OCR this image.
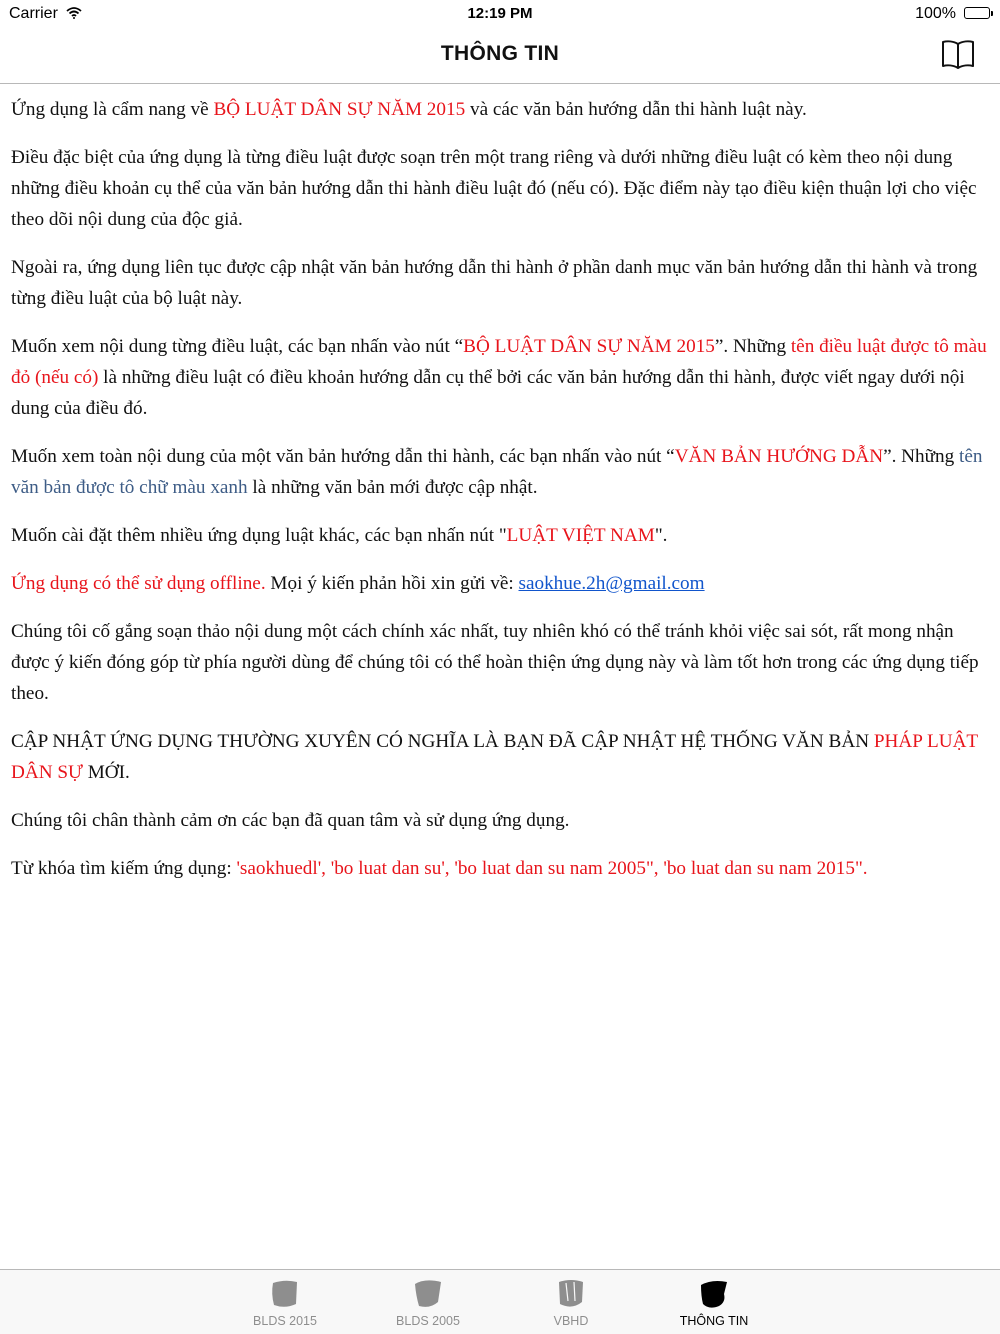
Carrier	12:19 PM	100%
THÔNG TIN

Ứng dụng là cẩm nang về BỘ LUẬT DÂN SỰ NĂM 2015 và các văn bản hướng dẫn thi hành luật này.

Điều đặc biệt của ứng dụng là từng điều luật được soạn trên một trang riêng và dưới những điều luật có kèm theo nội dung những điều khoản cụ thể của văn bản hướng dẫn thi hành điều luật đó (nếu có). Đặc điểm này tạo điều kiện thuận lợi cho việc theo dõi nội dung của độc giả.

Ngoài ra, ứng dụng liên tục được cập nhật văn bản hướng dẫn thi hành ở phần danh mục văn bản hướng dẫn thi hành và trong từng điều luật của bộ luật này.

Muốn xem nội dung từng điều luật, các bạn nhấn vào nút “BỘ LUẬT DÂN SỰ NĂM 2015”. Những tên điều luật được tô màu đỏ (nếu có) là những điều luật có điều khoản hướng dẫn cụ thể bởi các văn bản hướng dẫn thi hành, được viết ngay dưới nội dung của điều đó.

Muốn xem toàn nội dung của một văn bản hướng dẫn thi hành, các bạn nhấn vào nút “VĂN BẢN HƯỚNG DẪN”. Những tên văn bản được tô chữ màu xanh là những văn bản mới được cập nhật.

Muốn cài đặt thêm nhiều ứng dụng luật khác, các bạn nhấn nút "LUẬT VIỆT NAM".

Ứng dụng có thể sử dụng offline. Mọi ý kiến phản hồi xin gửi về: saokhue.2h@gmail.com

Chúng tôi cố gắng soạn thảo nội dung một cách chính xác nhất, tuy nhiên khó có thể tránh khỏi việc sai sót, rất mong nhận được ý kiến đóng góp từ phía người dùng để chúng tôi có thể hoàn thiện ứng dụng này và làm tốt hơn trong các ứng dụng tiếp theo.

CẬP NHẬT ỨNG DỤNG THƯỜNG XUYÊN CÓ NGHĨA LÀ BẠN ĐÃ CẬP NHẬT HỆ THỐNG VĂN BẢN PHÁP LUẬT DÂN SỰ MỚI.

Chúng tôi chân thành cảm ơn các bạn đã quan tâm và sử dụng ứng dụng.

Từ khóa tìm kiếm ứng dụng: 'saokhuedl', 'bo luat dan su', 'bo luat dan su nam 2005", 'bo luat dan su nam 2015".

BLDS 2015	BLDS 2005	VBHD	THÔNG TIN
